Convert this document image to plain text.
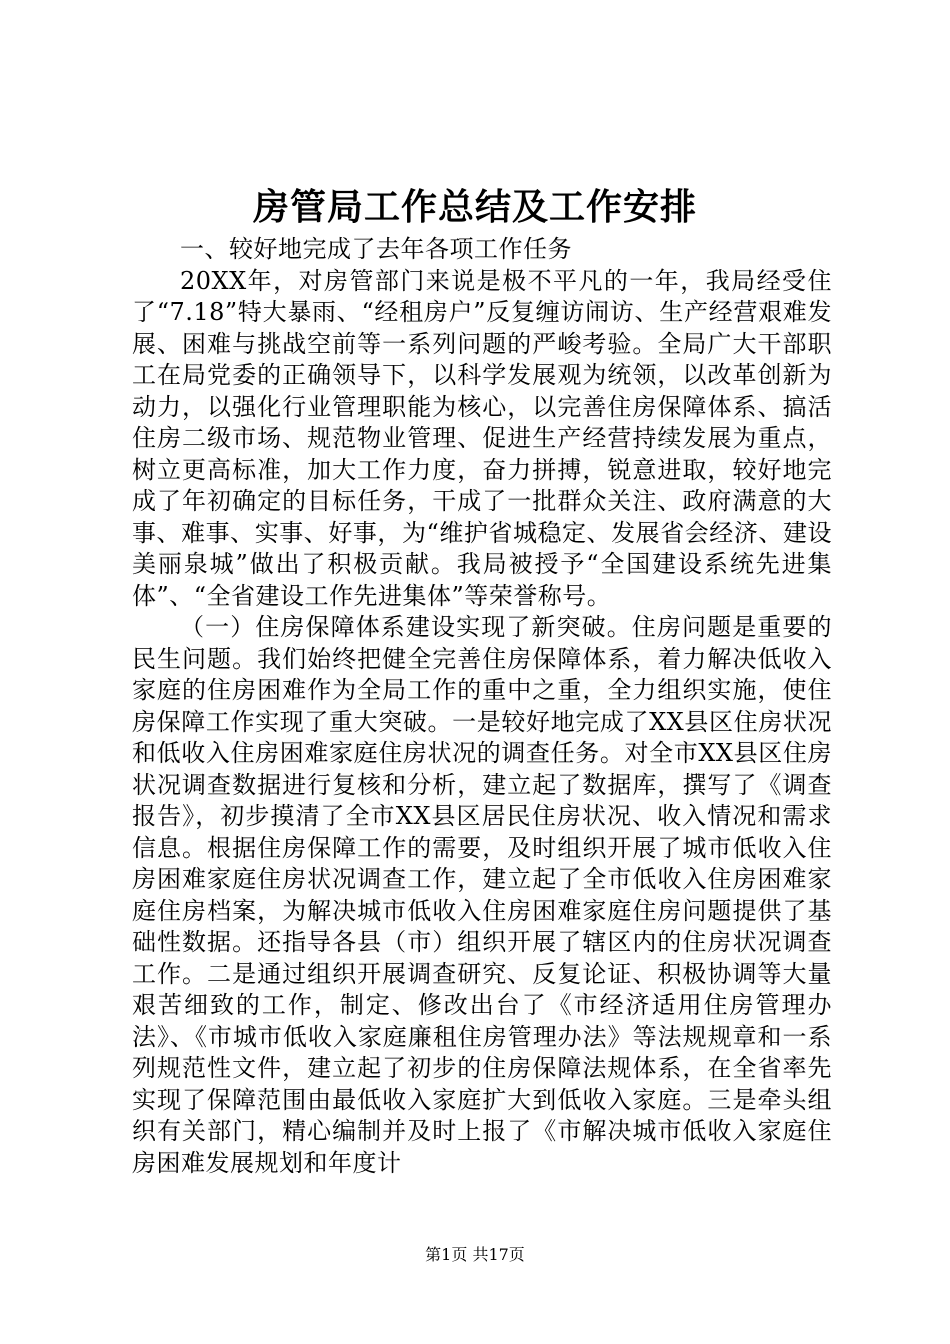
房管局工作总结及工作安排

一、较好地完成了去年各项工作任务

20XX年，对房管部门来说是极不平凡的一年，我局经受住了“7.18”特大暴雨、“经租房户”反复缠访闹访、生产经营艰难发展、困难与挑战空前等一系列问题的严峻考验。全局广大干部职工在局党委的正确领导下，以科学发展观为统领，以改革创新为动力，以强化行业管理职能为核心，以完善住房保障体系、搞活住房二级市场、规范物业管理、促进生产经营持续发展为重点，树立更高标准，加大工作力度，奋力拼搏，锐意进取，较好地完成了年初确定的目标任务，干成了一批群众关注、政府满意的大事、难事、实事、好事，为“维护省城稳定、发展省会经济、建设美丽泉城”做出了积极贡献。我局被授予“全国建设系统先进集体”、“全省建设工作先进集体”等荣誉称号。

（一）住房保障体系建设实现了新突破。住房问题是重要的民生问题。我们始终把健全完善住房保障体系，着力解决低收入家庭的住房困难作为全局工作的重中之重，全力组织实施，使住房保障工作实现了重大突破。一是较好地完成了XX县区住房状况和低收入住房困难家庭住房状况的调查任务。对全市XX县区住房状况调查数据进行复核和分析，建立起了数据库，撰写了《调查报告》，初步摸清了全市XX县区居民住房状况、收入情况和需求信息。根据住房保障工作的需要，及时组织开展了城市低收入住房困难家庭住房状况调查工作，建立起了全市低收入住房困难家庭住房档案，为解决城市低收入住房困难家庭住房问题提供了基础性数据。还指导各县（市）组织开展了辖区内的住房状况调查工作。二是通过组织开展调查研究、反复论证、积极协调等大量艰苦细致的工作，制定、修改出台了《市经济适用住房管理办法》、《市城市低收入家庭廉租住房管理办法》等法规规章和一系列规范性文件，建立起了初步的住房保障法规体系，在全省率先实现了保障范围由最低收入家庭扩大到低收入家庭。三是牵头组织有关部门，精心编制并及时上报了《市解决城市低收入家庭住房困难发展规划和年度计

第1页 共17页
